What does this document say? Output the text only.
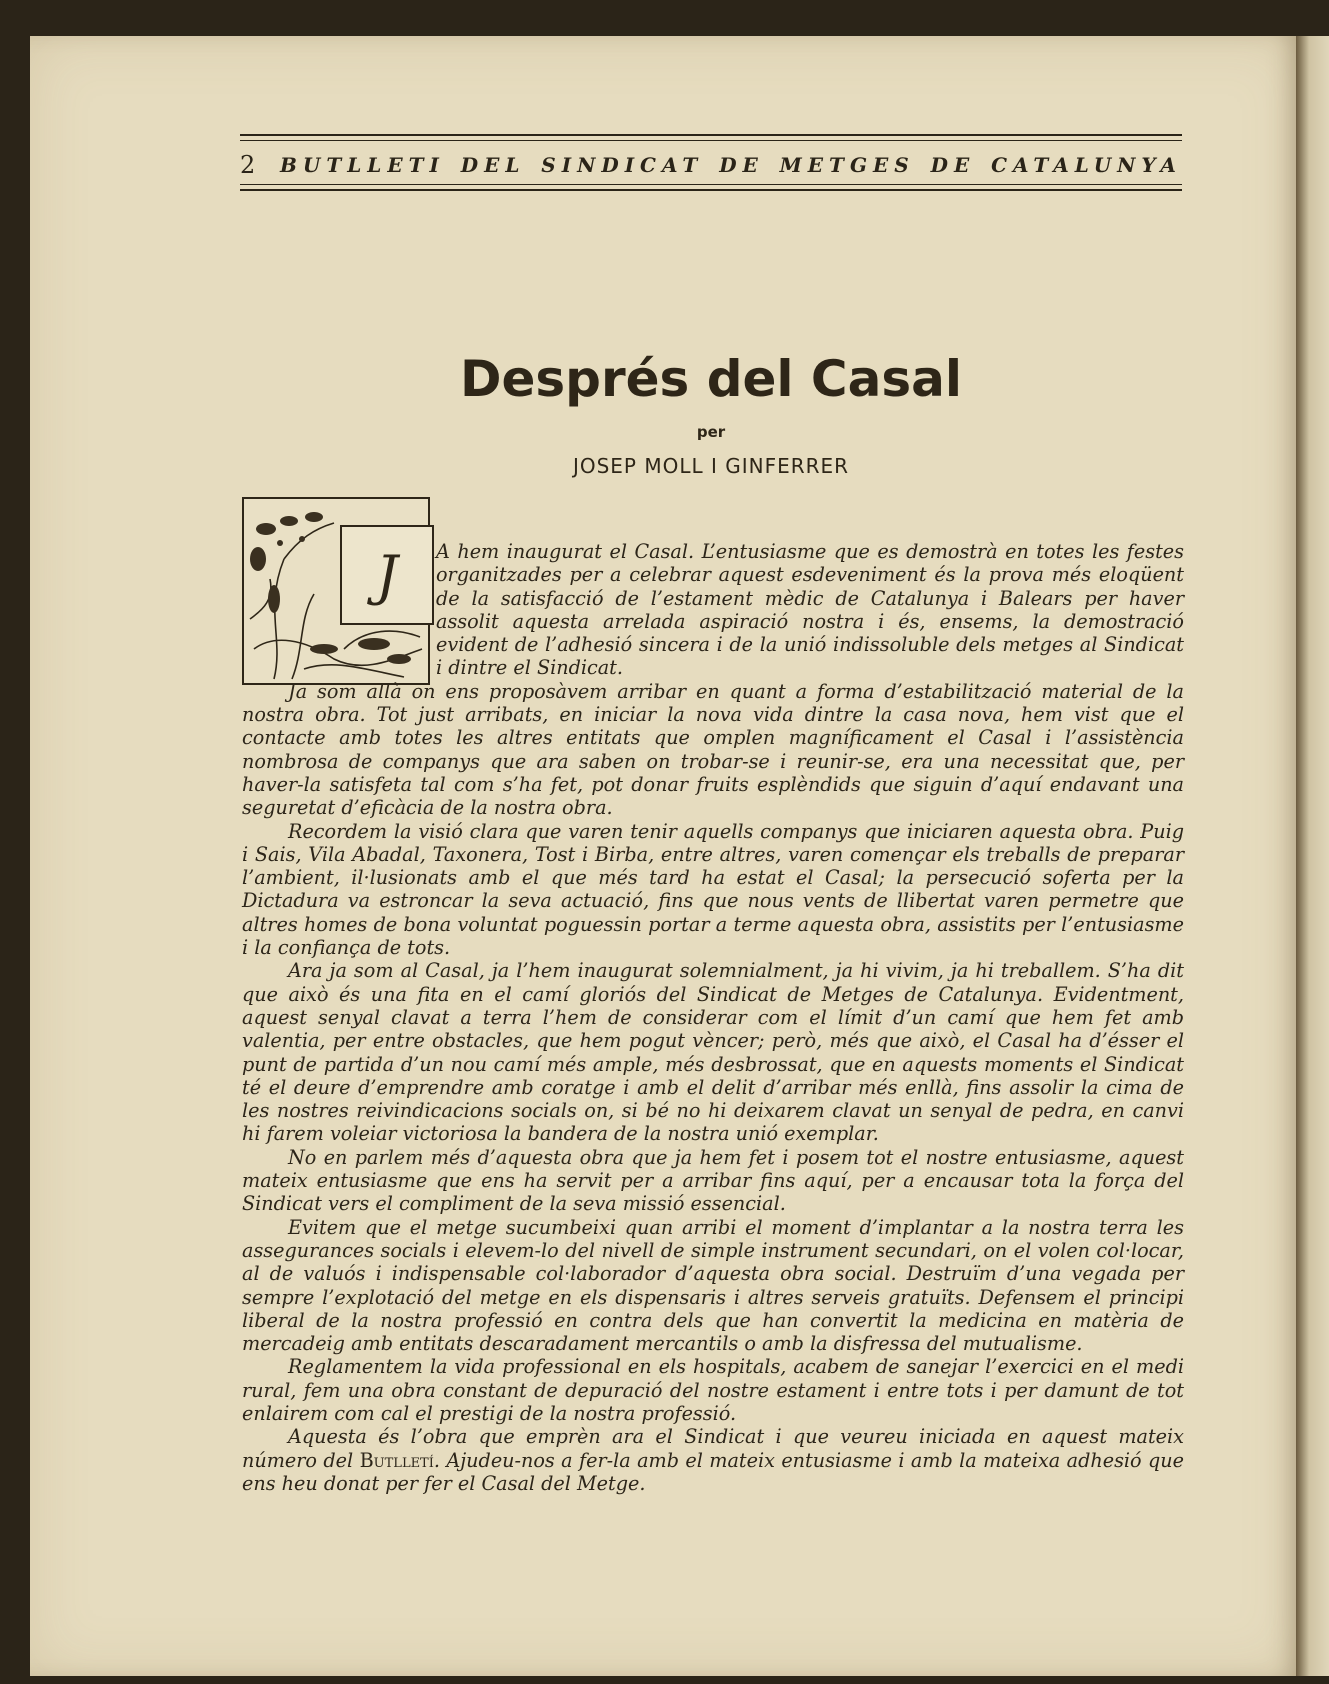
2	BUTLLETI DEL SINDICAT DE METGES DE CATALUNYA
Després del Casal
per
JOSEP MOLL I GINFERRER
J	A hem inaugurat el Casal. L’entusiasme que es demostrà en totes les festes organitzades per a celebrar aquest esdeveniment és la prova més eloqüent de la satisfacció de l’estament mèdic de Catalunya i Balears per haver assolit aquesta arrelada aspiració nostra i és, ensems, la demostració evident de l’adhesió sincera i de la unió indissoluble dels metges al Sindicat i dintre el Sindicat.

Ja som allà on ens proposàvem arribar en quant a forma d’estabilització material de la nostra obra. Tot just arribats, en iniciar la nova vida dintre la casa nova, hem vist que el contacte amb totes les altres entitats que omplen magníficament el Casal i l’assistència nombrosa de companys que ara saben on trobar-se i reunir-se, era una necessitat que, per haver-la satisfeta tal com s’ha fet, pot donar fruits esplèndids que siguin d’aquí endavant una seguretat d’eficàcia de la nostra obra.

Recordem la visió clara que varen tenir aquells companys que iniciaren aquesta obra. Puig i Sais, Vila Abadal, Taxonera, Tost i Birba, entre altres, varen començar els treballs de preparar l’ambient, il·lusionats amb el que més tard ha estat el Casal; la persecució soferta per la Dictadura va estroncar la seva actuació, fins que nous vents de llibertat varen permetre que altres homes de bona voluntat poguessin portar a terme aquesta obra, assistits per l’entusiasme i la confiança de tots.

Ara ja som al Casal, ja l’hem inaugurat solemnialment, ja hi vivim, ja hi treballem. S’ha dit que això és una fita en el camí gloriós del Sindicat de Metges de Catalunya. Evidentment, aquest senyal clavat a terra l’hem de considerar com el límit d’un camí que hem fet amb valentia, per entre obstacles, que hem pogut vèncer; però, més que això, el Casal ha d’ésser el punt de partida d’un nou camí més ample, més desbrossat, que en aquests moments el Sindicat té el deure d’emprendre amb coratge i amb el delit d’arribar més enllà, fins assolir la cima de les nostres reivindicacions socials on, si bé no hi deixarem clavat un senyal de pedra, en canvi hi farem voleiar victoriosa la bandera de la nostra unió exemplar.

No en parlem més d’aquesta obra que ja hem fet i posem tot el nostre entusiasme, aquest mateix entusiasme que ens ha servit per a arribar fins aquí, per a encausar tota la força del Sindicat vers el compliment de la seva missió essencial.

Evitem que el metge sucumbeixi quan arribi el moment d’implantar a la nostra terra les assegurances socials i elevem-lo del nivell de simple instrument secundari, on el volen col·locar, al de valuós i indispensable col·laborador d’aquesta obra social. Destruïm d’una vegada per sempre l’explotació del metge en els dispensaris i altres serveis gratuïts. Defensem el principi liberal de la nostra professió en contra dels que han convertit la medicina en matèria de mercadeig amb entitats descaradament mercantils o amb la disfressa del mutualisme.

Reglamentem la vida professional en els hospitals, acabem de sanejar l’exercici en el medi rural, fem una obra constant de depuració del nostre estament i entre tots i per damunt de tot enlairem com cal el prestigi de la nostra professió.

Aquesta és l’obra que emprèn ara el Sindicat i que veureu iniciada en aquest mateix número del Butlletí. Ajudeu-nos a fer-la amb el mateix entusiasme i amb la mateixa adhesió que ens heu donat per fer el Casal del Metge.
